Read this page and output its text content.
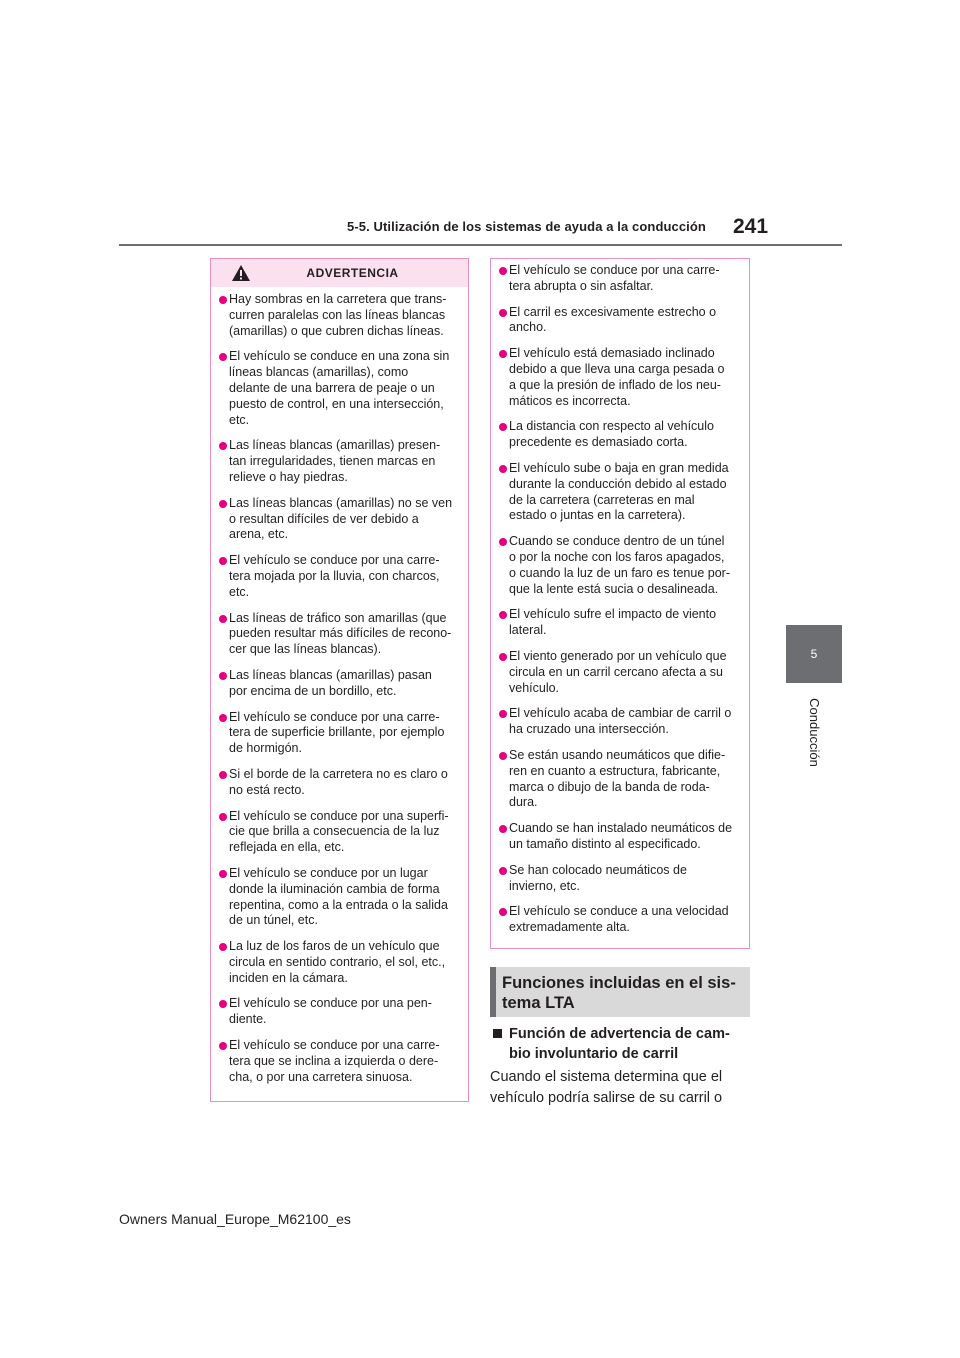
5-5. Utilización de los sistemas de ayuda a la conducción 241
5
Conducción
ADVERTENCIA
Hay sombras en la carretera que trans-
curren paralelas con las líneas blancas
(amarillas) o que cubren dichas líneas.
El vehículo se conduce en una zona sin
líneas blancas (amarillas), como
delante de una barrera de peaje o un
puesto de control, en una intersección,
etc.
Las líneas blancas (amarillas) presen-
tan irregularidades, tienen marcas en
relieve o hay piedras.
Las líneas blancas (amarillas) no se ven
o resultan difíciles de ver debido a
arena, etc.
El vehículo se conduce por una carre-
tera mojada por la lluvia, con charcos,
etc.
Las líneas de tráfico son amarillas (que
pueden resultar más difíciles de recono-
cer que las líneas blancas).
Las líneas blancas (amarillas) pasan
por encima de un bordillo, etc.
El vehículo se conduce por una carre-
tera de superficie brillante, por ejemplo
de hormigón.
Si el borde de la carretera no es claro o
no está recto.
El vehículo se conduce por una superfi-
cie que brilla a consecuencia de la luz
reflejada en ella, etc.
El vehículo se conduce por un lugar
donde la iluminación cambia de forma
repentina, como a la entrada o la salida
de un túnel, etc.
La luz de los faros de un vehículo que
circula en sentido contrario, el sol, etc.,
inciden en la cámara.
El vehículo se conduce por una pen-
diente.
El vehículo se conduce por una carre-
tera que se inclina a izquierda o dere-
cha, o por una carretera sinuosa.
El vehículo se conduce por una carre-
tera abrupta o sin asfaltar.
El carril es excesivamente estrecho o
ancho.
El vehículo está demasiado inclinado
debido a que lleva una carga pesada o
a que la presión de inflado de los neu-
máticos es incorrecta.
La distancia con respecto al vehículo
precedente es demasiado corta.
El vehículo sube o baja en gran medida
durante la conducción debido al estado
de la carretera (carreteras en mal
estado o juntas en la carretera).
Cuando se conduce dentro de un túnel
o por la noche con los faros apagados,
o cuando la luz de un faro es tenue por-
que la lente está sucia o desalineada.
El vehículo sufre el impacto de viento
lateral.
El viento generado por un vehículo que
circula en un carril cercano afecta a su
vehículo.
El vehículo acaba de cambiar de carril o
ha cruzado una intersección.
Se están usando neumáticos que difie-
ren en cuanto a estructura, fabricante,
marca o dibujo de la banda de roda-
dura.
Cuando se han instalado neumáticos de
un tamaño distinto al especificado.
Se han colocado neumáticos de
invierno, etc.
El vehículo se conduce a una velocidad
extremadamente alta.
Funciones incluidas en el sis-
tema LTA
Función de advertencia de cam-
bio involuntario de carril
Cuando el sistema determina que el
vehículo podría salirse de su carril o
Owners Manual_Europe_M62100_es
